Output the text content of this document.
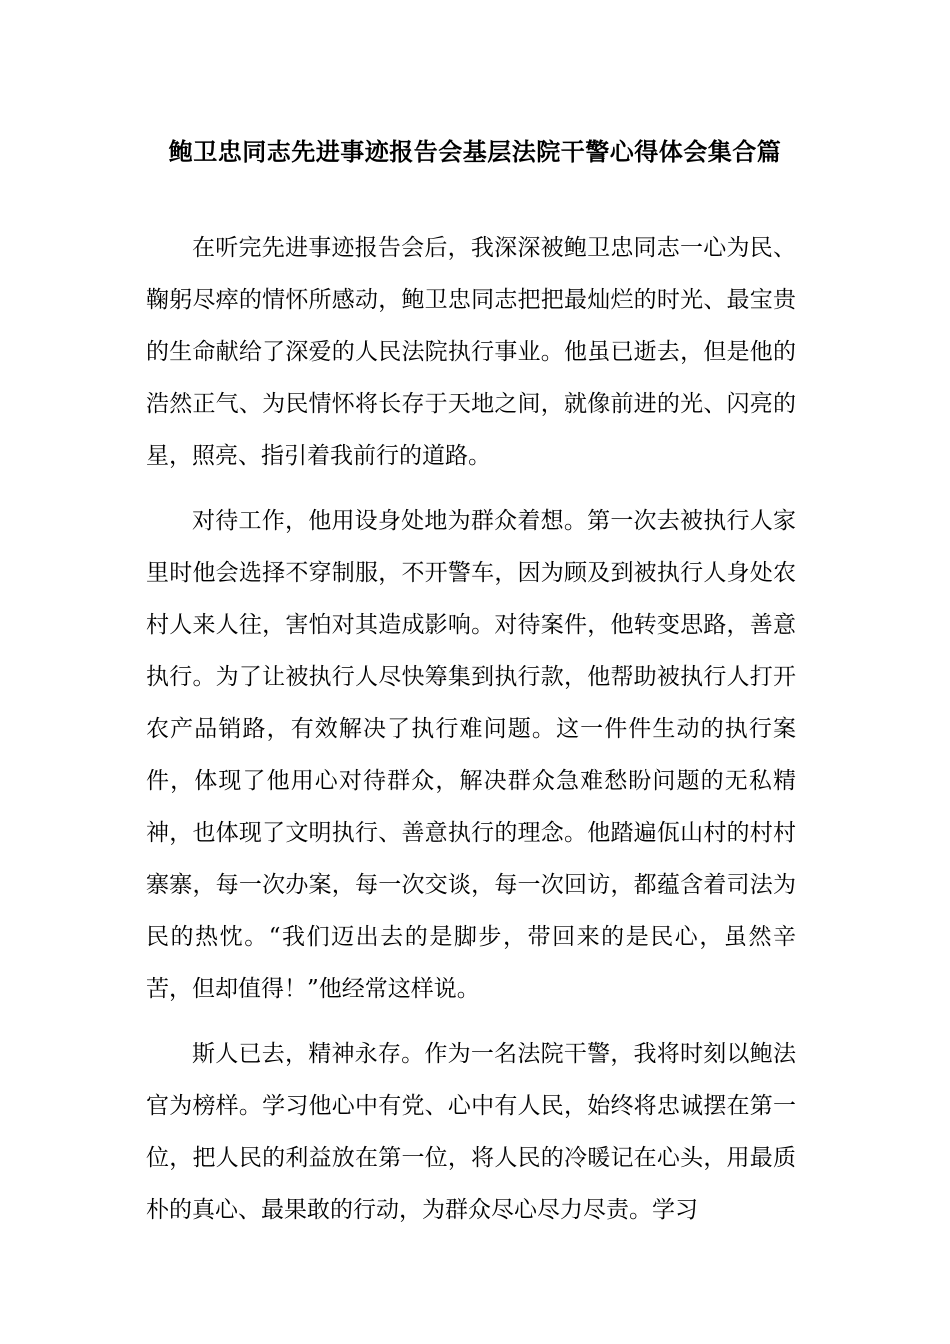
鲍卫忠同志先进事迹报告会基层法院干警心得体会集合篇

在听完先进事迹报告会后，我深深被鲍卫忠同志一心为民、鞠躬尽瘁的情怀所感动，鲍卫忠同志把把最灿烂的时光、最宝贵的生命献给了深爱的人民法院执行事业。他虽已逝去，但是他的浩然正气、为民情怀将长存于天地之间，就像前进的光、闪亮的星，照亮、指引着我前行的道路。

对待工作，他用设身处地为群众着想。第一次去被执行人家里时他会选择不穿制服，不开警车，因为顾及到被执行人身处农村人来人往，害怕对其造成影响。对待案件，他转变思路，善意执行。为了让被执行人尽快筹集到执行款，他帮助被执行人打开农产品销路，有效解决了执行难问题。这一件件生动的执行案件，体现了他用心对待群众，解决群众急难愁盼问题的无私精神，也体现了文明执行、善意执行的理念。他踏遍佤山村的村村寨寨，每一次办案，每一次交谈，每一次回访，都蕴含着司法为民的热忱。“我们迈出去的是脚步，带回来的是民心，虽然辛苦，但却值得！”他经常这样说。

斯人已去，精神永存。作为一名法院干警，我将时刻以鲍法官为榜样。学习他心中有党、心中有人民，始终将忠诚摆在第一位，把人民的利益放在第一位，将人民的冷暖记在心头，用最质朴的真心、最果敢的行动，为群众尽心尽力尽责。学习
